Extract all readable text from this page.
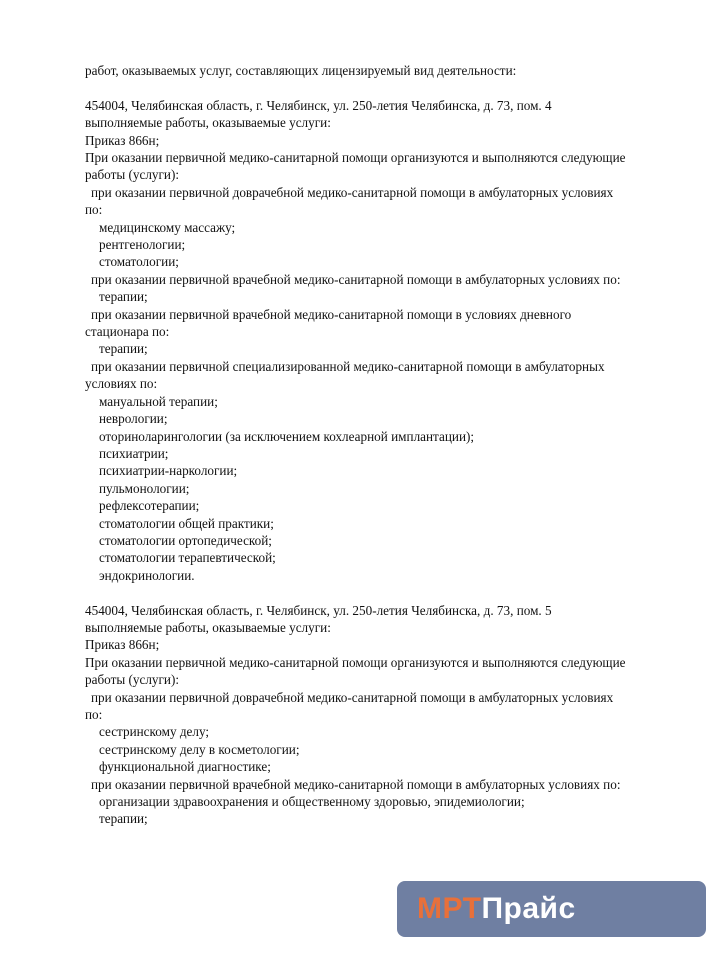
работ, оказываемых услуг, составляющих лицензируемый вид деятельности:
454004, Челябинская область, г. Челябинск, ул. 250-летия Челябинска, д. 73, пом. 4
выполняемые работы, оказываемые услуги:
Приказ 866н;
При оказании первичной медико-санитарной помощи организуются и выполняются следующие
работы (услуги):
при оказании первичной доврачебной медико-санитарной помощи в амбулаторных условиях
по:
медицинскому массажу;
рентгенологии;
стоматологии;
при оказании первичной врачебной медико-санитарной помощи в амбулаторных условиях по:
терапии;
при оказании первичной врачебной медико-санитарной помощи в условиях дневного
стационара по:
терапии;
при оказании первичной специализированной медико-санитарной помощи в амбулаторных
условиях по:
мануальной терапии;
неврологии;
оториноларингологии (за исключением кохлеарной имплантации);
психиатрии;
психиатрии-наркологии;
пульмонологии;
рефлексотерапии;
стоматологии общей практики;
стоматологии ортопедической;
стоматологии терапевтической;
эндокринологии.
454004, Челябинская область, г. Челябинск, ул. 250-летия Челябинска, д. 73, пом. 5
выполняемые работы, оказываемые услуги:
Приказ 866н;
При оказании первичной медико-санитарной помощи организуются и выполняются следующие
работы (услуги):
при оказании первичной доврачебной медико-санитарной помощи в амбулаторных условиях
по:
сестринскому делу;
сестринскому делу в косметологии;
функциональной диагностике;
при оказании первичной врачебной медико-санитарной помощи в амбулаторных условиях по:
организации здравоохранения и общественному здоровью, эпидемиологии;
терапии;
МРТ Прайс
